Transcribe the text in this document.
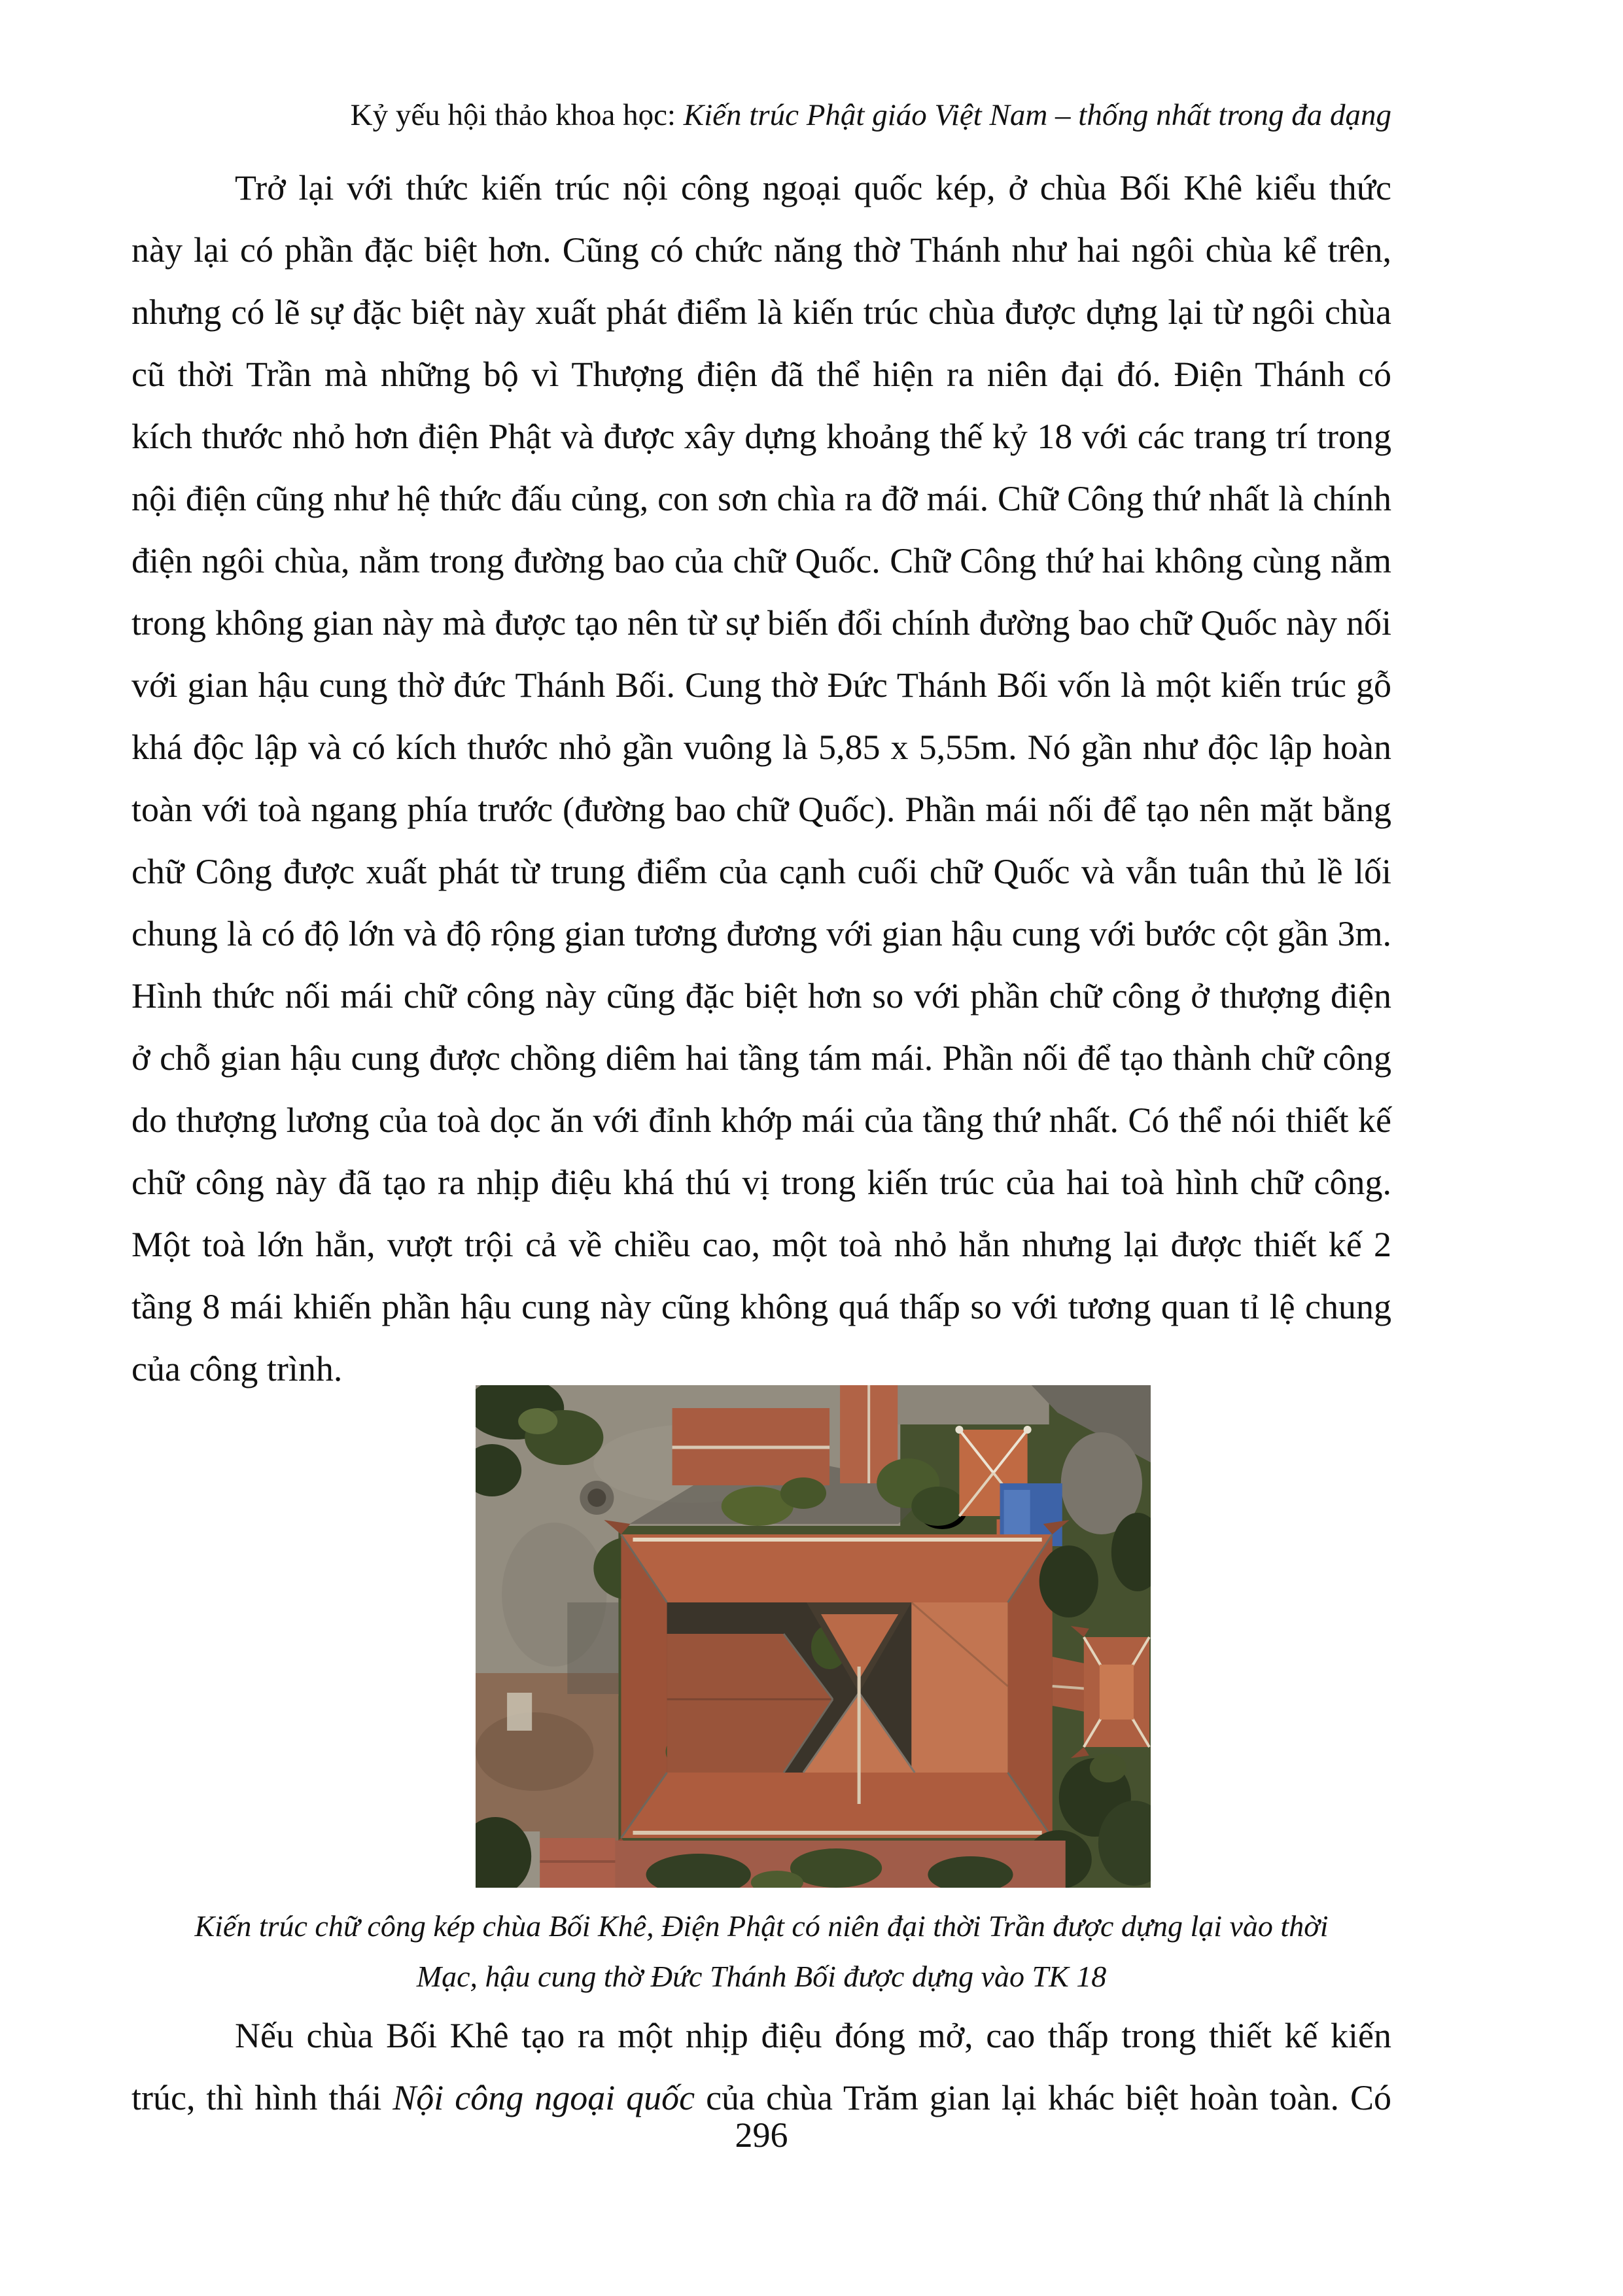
Kỷ yếu hội thảo khoa học: Kiến trúc Phật giáo Việt Nam – thống nhất trong đa dạng
Trở lại với thức kiến trúc nội công ngoại quốc kép, ở chùa Bối Khê kiểu thức
này lại có phần đặc biệt hơn. Cũng có chức năng thờ Thánh như hai ngôi chùa kể trên,
nhưng có lẽ sự đặc biệt này xuất phát điểm là kiến trúc chùa được dựng lại từ ngôi chùa
cũ thời Trần mà những bộ vì Thượng điện đã thể hiện ra niên đại đó. Điện Thánh có
kích thước nhỏ hơn điện Phật và được xây dựng khoảng thế kỷ 18 với các trang trí trong
nội điện cũng như hệ thức đấu củng, con sơn chìa ra đỡ mái. Chữ Công thứ nhất là chính
điện ngôi chùa, nằm trong đường bao của chữ Quốc. Chữ Công thứ hai không cùng nằm
trong không gian này mà được tạo nên từ sự biến đổi chính đường bao chữ Quốc này nối
với gian hậu cung thờ đức Thánh Bối. Cung thờ Đức Thánh Bối vốn là một kiến trúc gỗ
khá độc lập và có kích thước nhỏ gần vuông là 5,85 x 5,55m. Nó gần như độc lập hoàn
toàn với toà ngang phía trước (đường bao chữ Quốc). Phần mái nối để tạo nên mặt bằng
chữ Công được xuất phát từ trung điểm của cạnh cuối chữ Quốc và vẫn tuân thủ lề lối
chung là có độ lớn và độ rộng gian tương đương với gian hậu cung với bước cột gần 3m.
Hình thức nối mái chữ công này cũng đặc biệt hơn so với phần chữ công ở thượng điện
ở chỗ gian hậu cung được chồng diêm hai tầng tám mái. Phần nối để tạo thành chữ công
do thượng lương của toà dọc ăn với đỉnh khớp mái của tầng thứ nhất. Có thể nói thiết kế
chữ công này đã tạo ra nhịp điệu khá thú vị trong kiến trúc của hai toà hình chữ công.
Một toà lớn hẳn, vượt trội cả về chiều cao, một toà nhỏ hẳn nhưng lại được thiết kế 2
tầng 8 mái khiến phần hậu cung này cũng không quá thấp so với tương quan tỉ lệ chung
của công trình.
Kiến trúc chữ công kép chùa Bối Khê, Điện Phật có niên đại thời Trần được dựng lại vào thời
Mạc, hậu cung thờ Đức Thánh Bối được dựng vào TK 18
Nếu chùa Bối Khê tạo ra một nhịp điệu đóng mở, cao thấp trong thiết kế kiến
trúc, thì hình thái Nội công ngoại quốc của chùa Trăm gian lại khác biệt hoàn toàn. Có
296
